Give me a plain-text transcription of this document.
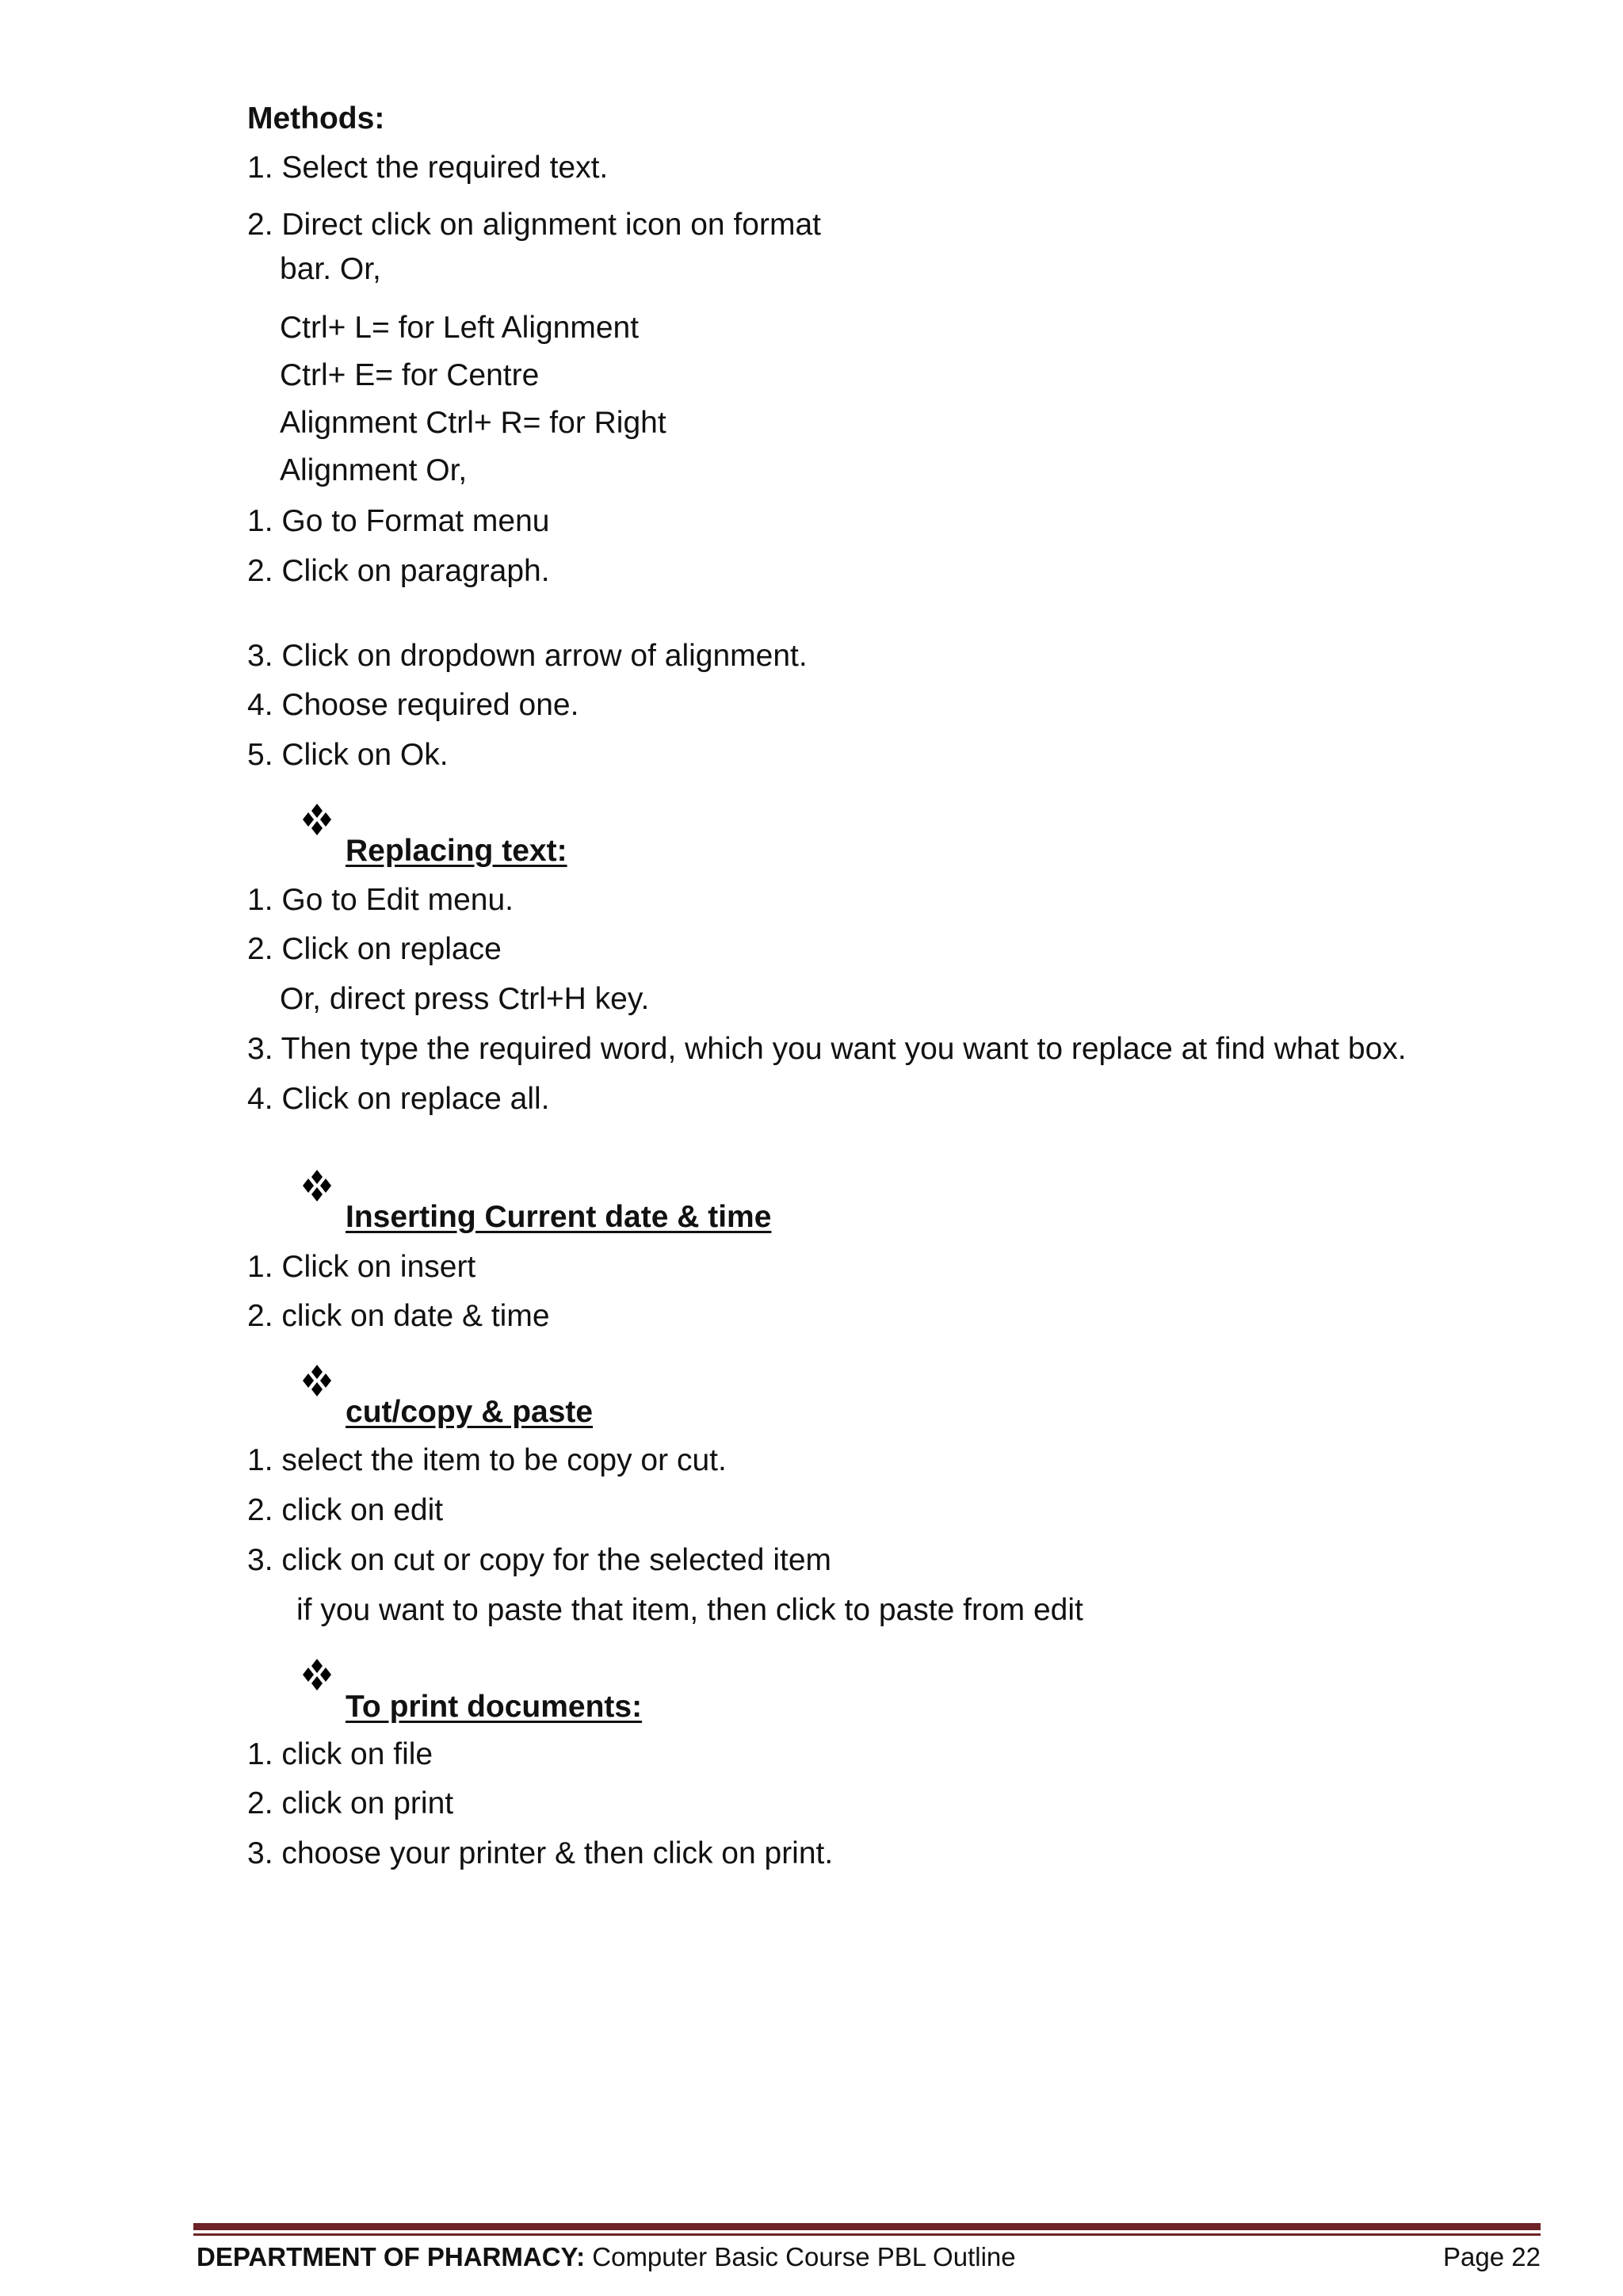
Methods:
1. Select the required text.
2. Direct click on alignment icon on format
bar. Or,
Ctrl+ L= for Left Alignment
Ctrl+ E= for Centre
Alignment Ctrl+ R= for Right
Alignment Or,
1. Go to Format menu
2. Click on paragraph.
3. Click on dropdown arrow of alignment.
4. Choose required one.
5. Click on Ok.
Replacing text:
1. Go to Edit menu.
2. Click on replace
Or, direct press Ctrl+H key.
3. Then type the required word, which you want you want to replace at find what box.
4. Click on replace all.
Inserting Current date & time
1. Click on insert
2. click on date & time
cut/copy & paste
1. select the item to be copy or cut.
2. click on edit
3. click on cut or copy for the selected item
if you want to paste that item, then click to paste from edit
To print documents:
1. click on file
2. click on print
3. choose your printer & then click on print.
DEPARTMENT OF PHARMACY: Computer Basic Course PBL Outline	Page 22
